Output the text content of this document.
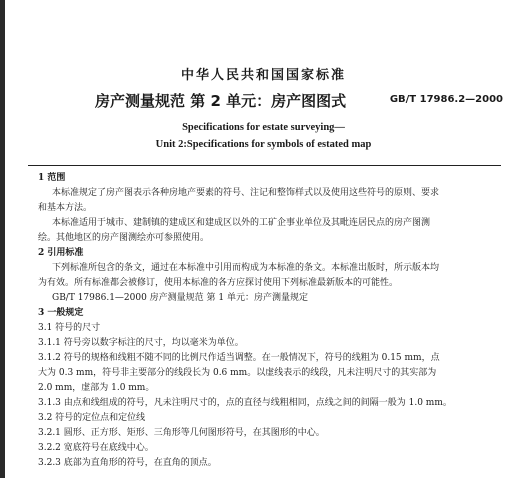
中华人民共和国国家标准
房产测量规范 第 2 单元：房产图图式	GB/T 17986.2—2000
Specifications for estate surveying—
Unit 2:Specifications for symbols of estated map
1 范围
本标准规定了房产图表示各种房地产要素的符号、注记和整饰样式以及使用这些符号的原则、要求
和基本方法。
本标准适用于城市、建制镇的建成区和建成区以外的工矿企事业单位及其毗连居民点的房产图测
绘。其他地区的房产图测绘亦可参照使用。
2 引用标准
下列标准所包含的条文，通过在本标准中引用而构成为本标准的条文。本标准出版时，所示版本均
为有效。所有标准都会被修订，使用本标准的各方应探讨使用下列标准最新版本的可能性。
GB/T 17986.1—2000 房产测量规范 第 1 单元：房产测量规定
3 一般规定
3.1 符号的尺寸
3.1.1 符号旁以数字标注的尺寸，均以毫米为单位。
3.1.2 符号的规格和线粗不随不同的比例尺作适当调整。在一般情况下，符号的线粗为 0.15 mm，点
大为 0.3 mm，符号非主要部分的线段长为 0.6 mm。以虚线表示的线段，凡未注明尺寸的其实部为
2.0 mm，虚部为 1.0 mm。
3.1.3 由点和线组成的符号，凡未注明尺寸的，点的直径与线粗相同，点线之间的间隔一般为 1.0 mm。
3.2 符号的定位点和定位线
3.2.1 圆形、正方形、矩形、三角形等几何图形符号，在其图形的中心。
3.2.2 宽底符号在底线中心。
3.2.3 底部为直角形的符号，在直角的顶点。
